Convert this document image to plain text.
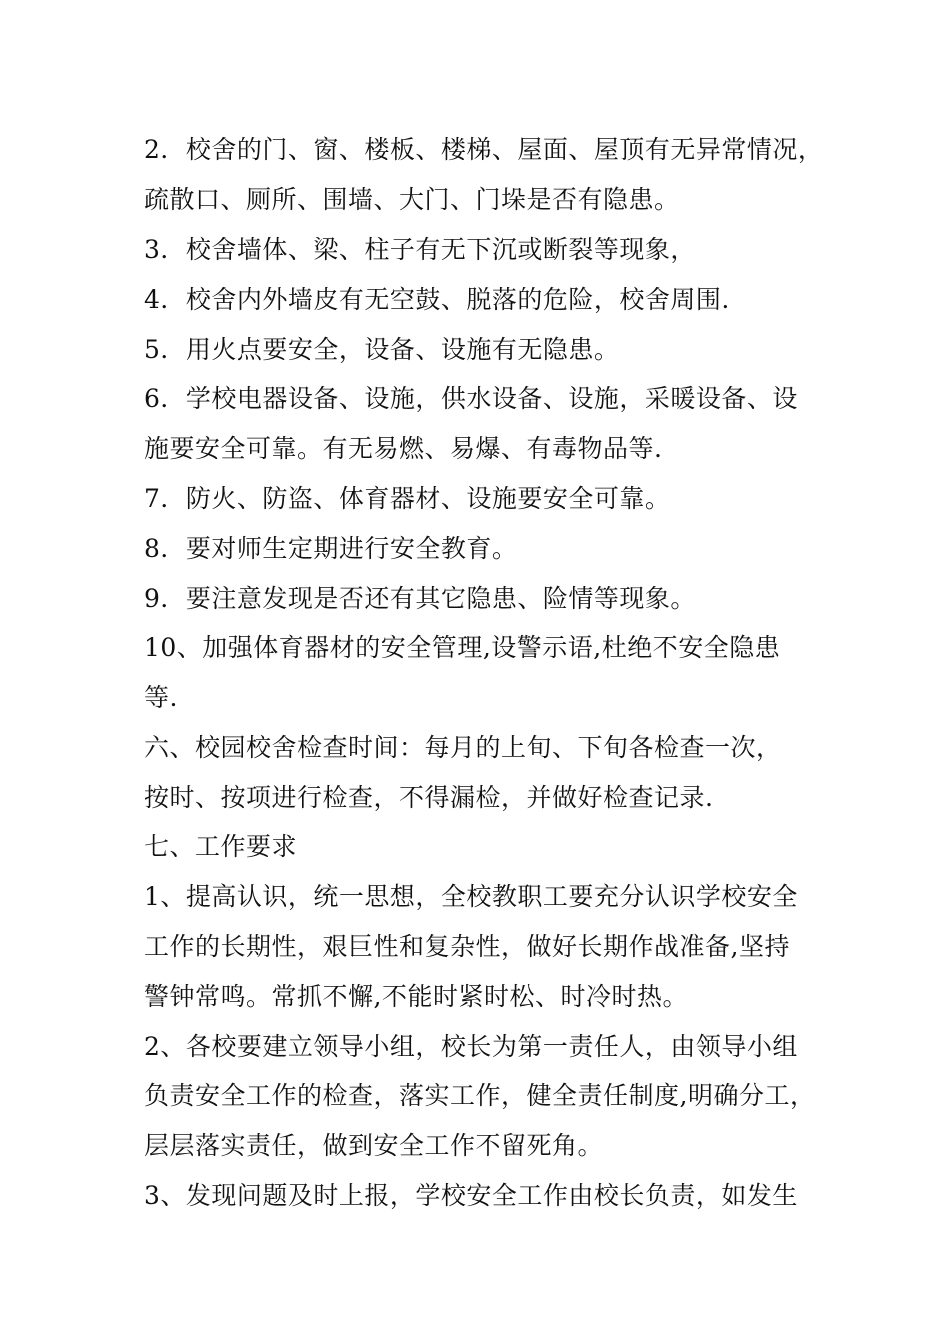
2．校舍的门、窗、楼板、楼梯、屋面、屋顶有无异常情况，

疏散口、厕所、围墙、大门、门垛是否有隐患。

3．校舍墙体、梁、柱子有无下沉或断裂等现象，

4．校舍内外墙皮有无空鼓、脱落的危险，校舍周围.

5．用火点要安全，设备、设施有无隐患。

6．学校电器设备、设施，供水设备、设施，采暖设备、设

施要安全可靠。有无易燃、易爆、有毒物品等.

7．防火、防盗、体育器材、设施要安全可靠。

8．要对师生定期进行安全教育。

9．要注意发现是否还有其它隐患、险情等现象。

10、加强体育器材的安全管理,设警示语,杜绝不安全隐患

等.

六、校园校舍检查时间：每月的上旬、下旬各检查一次，

按时、按项进行检查，不得漏检，并做好检查记录.

七、工作要求

1、提高认识，统一思想，全校教职工要充分认识学校安全

工作的长期性，艰巨性和复杂性，做好长期作战准备,坚持

警钟常鸣。常抓不懈,不能时紧时松、时冷时热。

2、各校要建立领导小组，校长为第一责任人，由领导小组

负责安全工作的检查，落实工作，健全责任制度,明确分工，

层层落实责任，做到安全工作不留死角。

3、发现问题及时上报，学校安全工作由校长负责，如发生
